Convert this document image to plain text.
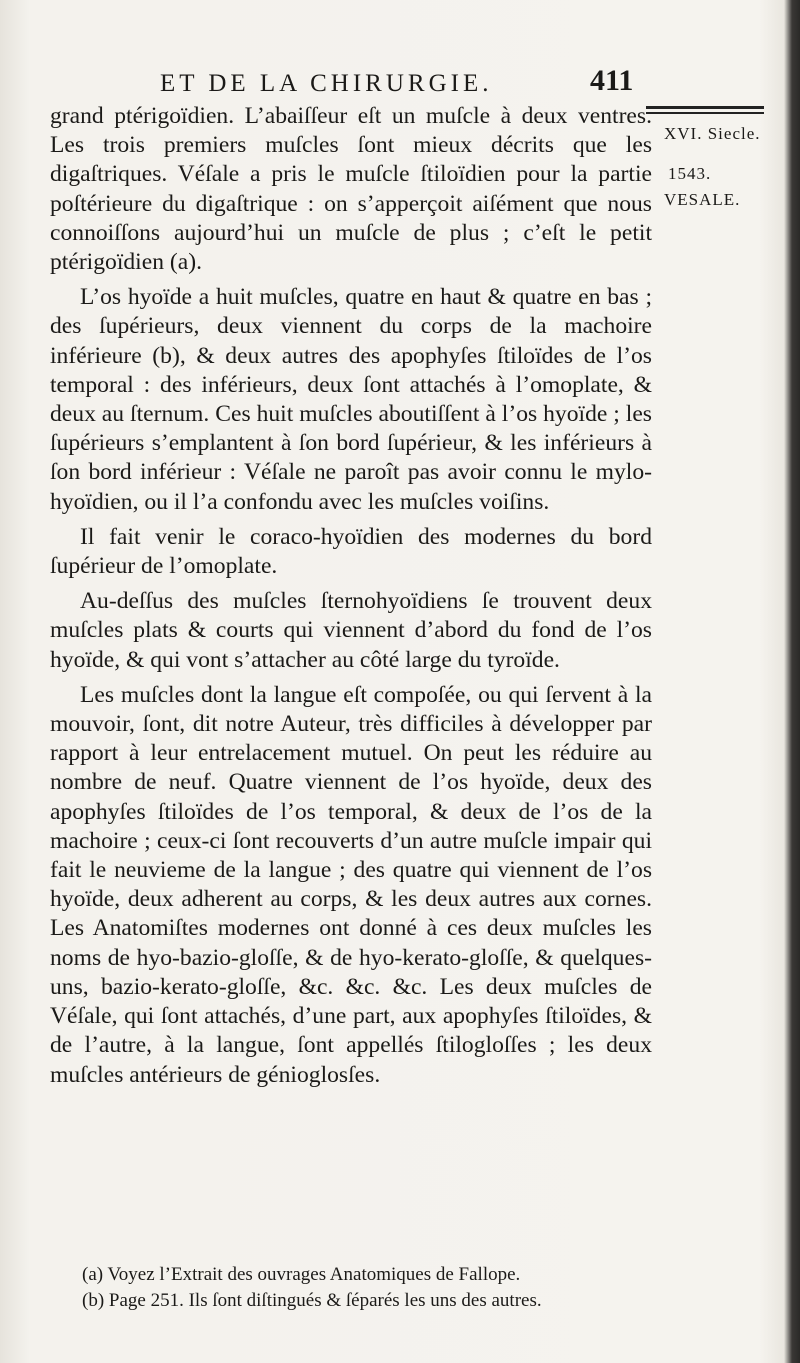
ET DE LA CHIRURGIE.	411
XVI. Siecle.
1543.
VESALE.

grand ptérigoïdien. L’abaiſſeur eſt un muſcle à deux ventres. Les trois premiers muſcles ſont mieux décrits que les digaſtriques. Véſale a pris le muſcle ſtiloïdien pour la partie poſtérieure du digaſtrique : on s’apperçoit aiſément que nous connoiſſons aujourd’hui un muſcle de plus ; c’eſt le petit ptérigoïdien (a).

L’os hyoïde a huit muſcles, quatre en haut & quatre en bas ; des ſupérieurs, deux viennent du corps de la machoire inférieure (b), & deux autres des apophyſes ſtiloïdes de l’os temporal : des inférieurs, deux ſont attachés à l’omoplate, & deux au ſternum. Ces huit muſcles aboutiſſent à l’os hyoïde ; les ſupérieurs s’emplantent à ſon bord ſupérieur, & les inférieurs à ſon bord inférieur : Véſale ne paroît pas avoir connu le mylo-hyoïdien, ou il l’a confondu avec les muſcles voiſins.

Il fait venir le coraco-hyoïdien des modernes du bord ſupérieur de l’omoplate.

Au-deſſus des muſcles ſternohyoïdiens ſe trouvent deux muſcles plats & courts qui viennent d’abord du fond de l’os hyoïde, & qui vont s’attacher au côté large du tyroïde.

Les muſcles dont la langue eſt compoſée, ou qui ſervent à la mouvoir, ſont, dit notre Auteur, très difficiles à développer par rapport à leur entrelacement mutuel. On peut les réduire au nombre de neuf. Quatre viennent de l’os hyoïde, deux des apophyſes ſtiloïdes de l’os temporal, & deux de l’os de la machoire ; ceux-ci ſont recouverts d’un autre muſcle impair qui fait le neuvieme de la langue ; des quatre qui viennent de l’os hyoïde, deux adherent au corps, & les deux autres aux cornes. Les Anatomiſtes modernes ont donné à ces deux muſcles les noms de hyo-bazio-gloſſe, & de hyo-kerato-gloſſe, & quelques-uns, bazio-kerato-gloſſe, &c. &c. &c. Les deux muſcles de Véſale, qui ſont attachés, d’une part, aux apophyſes ſtiloïdes, & de l’autre, à la langue, ſont appellés ſtilogloſſes ; les deux muſcles antérieurs de génioglosſes.

(a) Voyez l’Extrait des ouvrages Anatomiques de Fallope.
(b) Page 251. Ils ſont diſtingués & ſéparés les uns des autres.
